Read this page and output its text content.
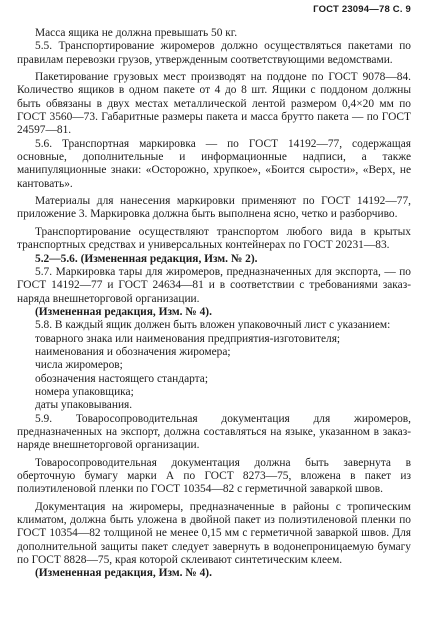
ГОСТ 23094—78 С. 9

Масса ящика не должна превышать 50 кг.

5.5. Транспортирование жиромеров должно осуществляться пакетами по правилам перевозки грузов, утвержденным соответствующими ведомствами.

Пакетирование грузовых мест производят на поддоне по ГОСТ 9078—84. Количество ящиков в одном пакете от 4 до 8 шт. Ящики с поддоном должны быть обвязаны в двух местах металлической лентой размером 0,4×20 мм по ГОСТ 3560—73. Габаритные размеры пакета и масса брутто пакета — по ГОСТ 24597—81.

5.6. Транспортная маркировка — по ГОСТ 14192—77, содержащая основные, дополнительные и информационные надписи, а также манипуляционные знаки: «Осторожно, хрупкое», «Боится сырости», «Верх, не кантовать».

Материалы для нанесения маркировки применяют по ГОСТ 14192—77, приложение 3. Маркировка должна быть выполнена ясно, четко и разборчиво.

Транспортирование осуществляют транспортом любого вида в крытых транспортных средствах и универсальных контейнерах по ГОСТ 20231—83.

5.2—5.6. (Измененная редакция, Изм. № 2).

5.7. Маркировка тары для жиромеров, предназначенных для экспорта, — по ГОСТ 14192—77 и ГОСТ 24634—81 и в соответствии с требованиями заказ-наряда внешнеторговой организации.

(Измененная редакция, Изм. № 4).

5.8. В каждый ящик должен быть вложен упаковочный лист с указанием:

товарного знака или наименования предприятия-изготовителя;

наименования и обозначения жиромера;

числа жиромеров;

обозначения настоящего стандарта;

номера упаковщика;

даты упаковывания.

5.9. Товаросопроводительная документация для жиромеров, предназначенных на экспорт, должна составляться на языке, указанном в заказ-наряде внешнеторговой организации.

Товаросопроводительная документация должна быть завернута в оберточную бумагу марки А по ГОСТ 8273—75, вложена в пакет из полиэтиленовой пленки по ГОСТ 10354—82 с герметичной заваркой швов.

Документация на жиромеры, предназначенные в районы с тропическим климатом, должна быть уложена в двойной пакет из полиэтиленовой пленки по ГОСТ 10354—82 толщиной не менее 0,15 мм с герметичной заваркой швов. Для дополнительной защиты пакет следует завернуть в водонепроницаемую бумагу по ГОСТ 8828—75, края которой склеивают синтетическим клеем.

(Измененная редакция, Изм. № 4).
